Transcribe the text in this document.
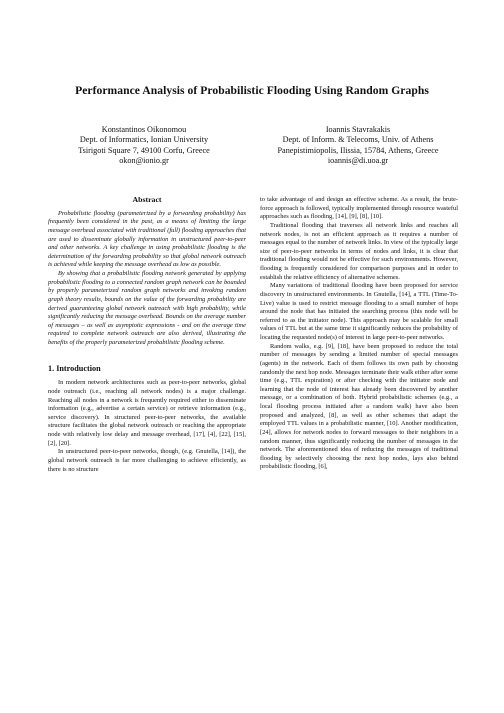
Performance Analysis of Probabilistic Flooding Using Random Graphs
Konstantinos Oikonomou
Dept. of Informatics, Ionian University
Tsirigoti Square 7, 49100 Corfu, Greece
okon@ionio.gr
Ioannis Stavrakakis
Dept. of Inform. & Telecoms, Univ. of Athens
Panepistimiopolis, Ilissia, 15784, Athens, Greece
ioannis@di.uoa.gr
Abstract

Probabilistic flooding (parameterized by a forwarding probability) has frequently been considered in the past, as a means of limiting the large message overhead associated with traditional (full) flooding approaches that are used to disseminate globally information in unstructured peer-to-peer and other networks. A key challenge in using probabilistic flooding is the determination of the forwarding probability so that global network outreach is achieved while keeping the message overhead as low as possible.

By showing that a probabilistic flooding network generated by applying probabilistic flooding to a connected random graph network can be bounded by properly parameterized random graph networks and invoking random graph theory results, bounds on the value of the forwarding probability are derived guaranteeing global network outreach with high probability, while significantly reducing the message overhead. Bounds on the average number of messages – as well as asymptotic expressions - and on the average time required to complete network outreach are also derived, illustrating the benefits of the properly parameterized probabilistic flooding scheme.

1. Introduction

In modern network architectures such as peer-to-peer networks, global node outreach (i.e., reaching all network nodes) is a major challenge. Reaching all nodes in a network is frequently required either to disseminate information (e.g., advertise a certain service) or retrieve information (e.g., service discovery). In structured peer-to-peer networks, the available structure facilitates the global network outreach or reaching the appropriate node with relatively low delay and message overhead, [17], [4], [22], [15], [2], [20].

In unstructured peer-to-peer networks, though, (e.g. Gnutella, [14]), the global network outreach is far more challenging to achieve efficiently, as there is no structure

to take advantage of and design an effective scheme. As a result, the brute-force approach is followed, typically implemented through resource wasteful approaches such as flooding, [14], [9], [8], [10].

Traditional flooding that traverses all network links and reaches all network nodes, is not an efficient approach as it requires a number of messages equal to the number of network links. In view of the typically large size of peer-to-peer networks in terms of nodes and links, it is clear that traditional flooding would not be effective for such environments. However, flooding is frequently considered for comparison purposes and in order to establish the relative efficiency of alternative schemes.

Many variations of traditional flooding have been proposed for service discovery in unstructured environments. In Gnutella, [14], a TTL (Time-To-Live) value is used to restrict message flooding to a small number of hops around the node that has initiated the searching process (this node will be referred to as the initiator node). This approach may be scalable for small values of TTL but at the same time it significantly reduces the probability of locating the requested node(s) of interest in large peer-to-peer networks.

Random walks, e.g. [9], [18], have been proposed to reduce the total number of messages by sending a limited number of special messages (agents) in the network. Each of them follows its own path by choosing randomly the next hop node. Messages terminate their walk either after some time (e.g., TTL expiration) or after checking with the initiator node and learning that the node of interest has already been discovered by another message, or a combination of both. Hybrid probabilistic schemes (e.g., a local flooding process initiated after a random walk) have also been proposed and analyzed, [8], as well as other schemes that adapt the employed TTL values in a probabilistic manner, [10]. Another modification, [24], allows for network nodes to forward messages to their neighbors in a random manner, thus significantly reducing the number of messages in the network. The aforementioned idea of reducing the messages of traditional flooding by selectively choosing the next hop nodes, lays also behind probabilistic flooding, [6],
